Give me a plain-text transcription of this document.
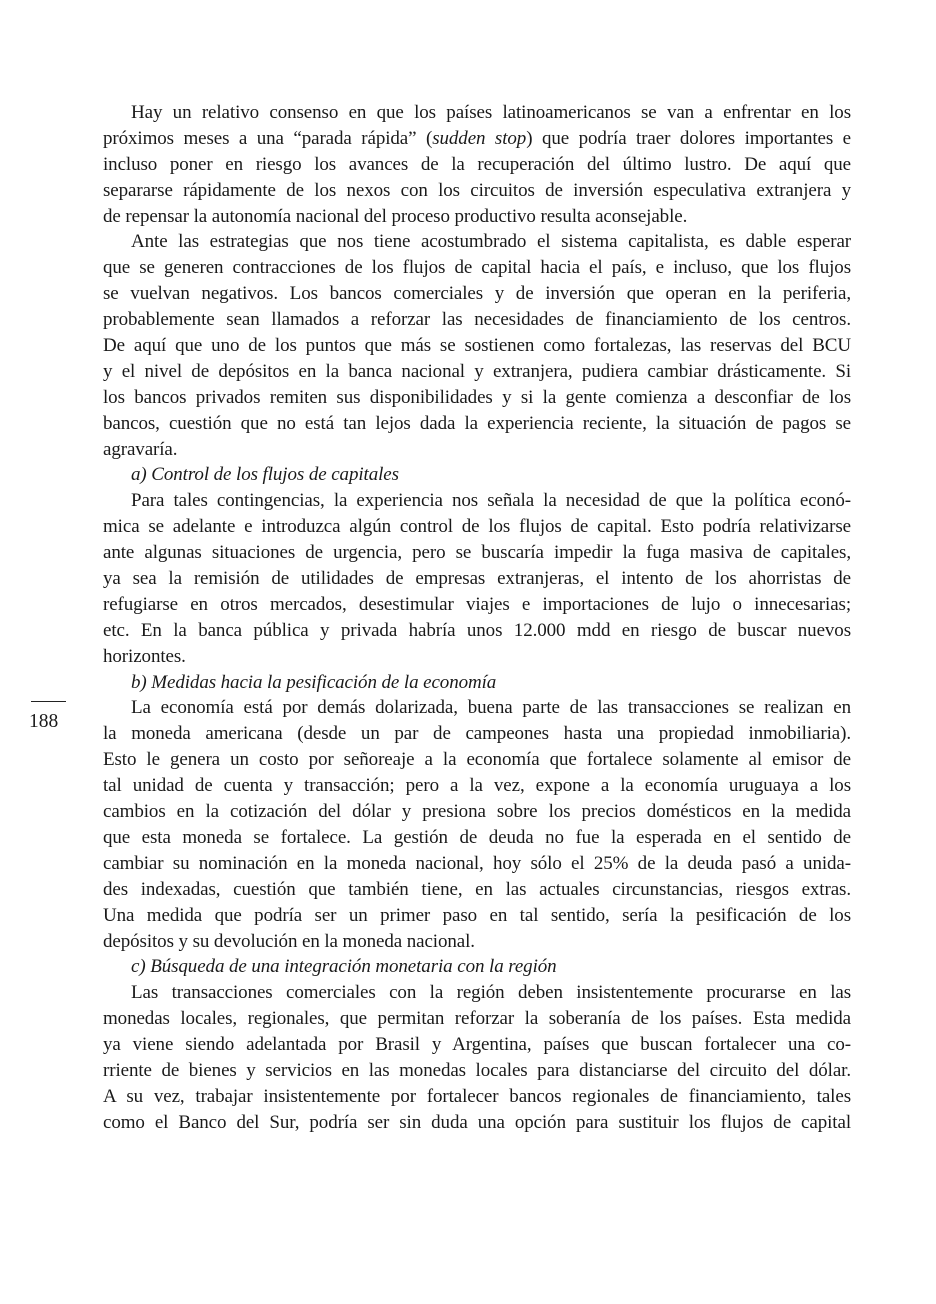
188
Hay un relativo consenso en que los países latinoamericanos se van a enfrentar en los
próximos meses a una “parada rápida” (sudden stop) que podría traer dolores importantes e
incluso poner en riesgo los avances de la recuperación del último lustro. De aquí que
separarse rápidamente de los nexos con los circuitos de inversión especulativa extranjera y
de repensar la autonomía nacional del proceso productivo resulta aconsejable.
Ante las estrategias que nos tiene acostumbrado el sistema capitalista, es dable esperar
que se generen contracciones de los flujos de capital hacia el país, e incluso, que los flujos
se vuelvan negativos. Los bancos comerciales y de inversión que operan en la periferia,
probablemente sean llamados a reforzar las necesidades de financiamiento de los centros.
De aquí que uno de los puntos que más se sostienen como fortalezas, las reservas del BCU
y el nivel de depósitos en la banca nacional y extranjera, pudiera cambiar drásticamente. Si
los bancos privados remiten sus disponibilidades y si la gente comienza a desconfiar de los
bancos, cuestión que no está tan lejos dada la experiencia reciente, la situación de pagos se
agravaría.
a) Control de los flujos de capitales
Para tales contingencias, la experiencia nos señala la necesidad de que la política econó-
mica se adelante e introduzca algún control de los flujos de capital. Esto podría relativizarse
ante algunas situaciones de urgencia, pero se buscaría impedir la fuga masiva de capitales,
ya sea la remisión de utilidades de empresas extranjeras, el intento de los ahorristas de
refugiarse en otros mercados, desestimular viajes e importaciones de lujo o innecesarias;
etc. En la banca pública y privada habría unos 12.000 mdd en riesgo de buscar nuevos
horizontes.
b) Medidas hacia la pesificación de la economía
La economía está por demás dolarizada, buena parte de las transacciones se realizan en
la moneda americana (desde un par de campeones hasta una propiedad inmobiliaria).
Esto le genera un costo por señoreaje a la economía que fortalece solamente al emisor de
tal unidad de cuenta y transacción; pero a la vez, expone a la economía uruguaya a los
cambios en la cotización del dólar y presiona sobre los precios domésticos en la medida
que esta moneda se fortalece. La gestión de deuda no fue la esperada en el sentido de
cambiar su nominación en la moneda nacional, hoy sólo el 25% de la deuda pasó a unida-
des indexadas, cuestión que también tiene, en las actuales circunstancias, riesgos extras.
Una medida que podría ser un primer paso en tal sentido, sería la pesificación de los
depósitos y su devolución en la moneda nacional.
c) Búsqueda de una integración monetaria con la región
Las transacciones comerciales con la región deben insistentemente procurarse en las
monedas locales, regionales, que permitan reforzar la soberanía de los países. Esta medida
ya viene siendo adelantada por Brasil y Argentina, países que buscan fortalecer una co-
rriente de bienes y servicios en las monedas locales para distanciarse del circuito del dólar.
A su vez, trabajar insistentemente por fortalecer bancos regionales de financiamiento, tales
como el Banco del Sur, podría ser sin duda una opción para sustituir los flujos de capital
